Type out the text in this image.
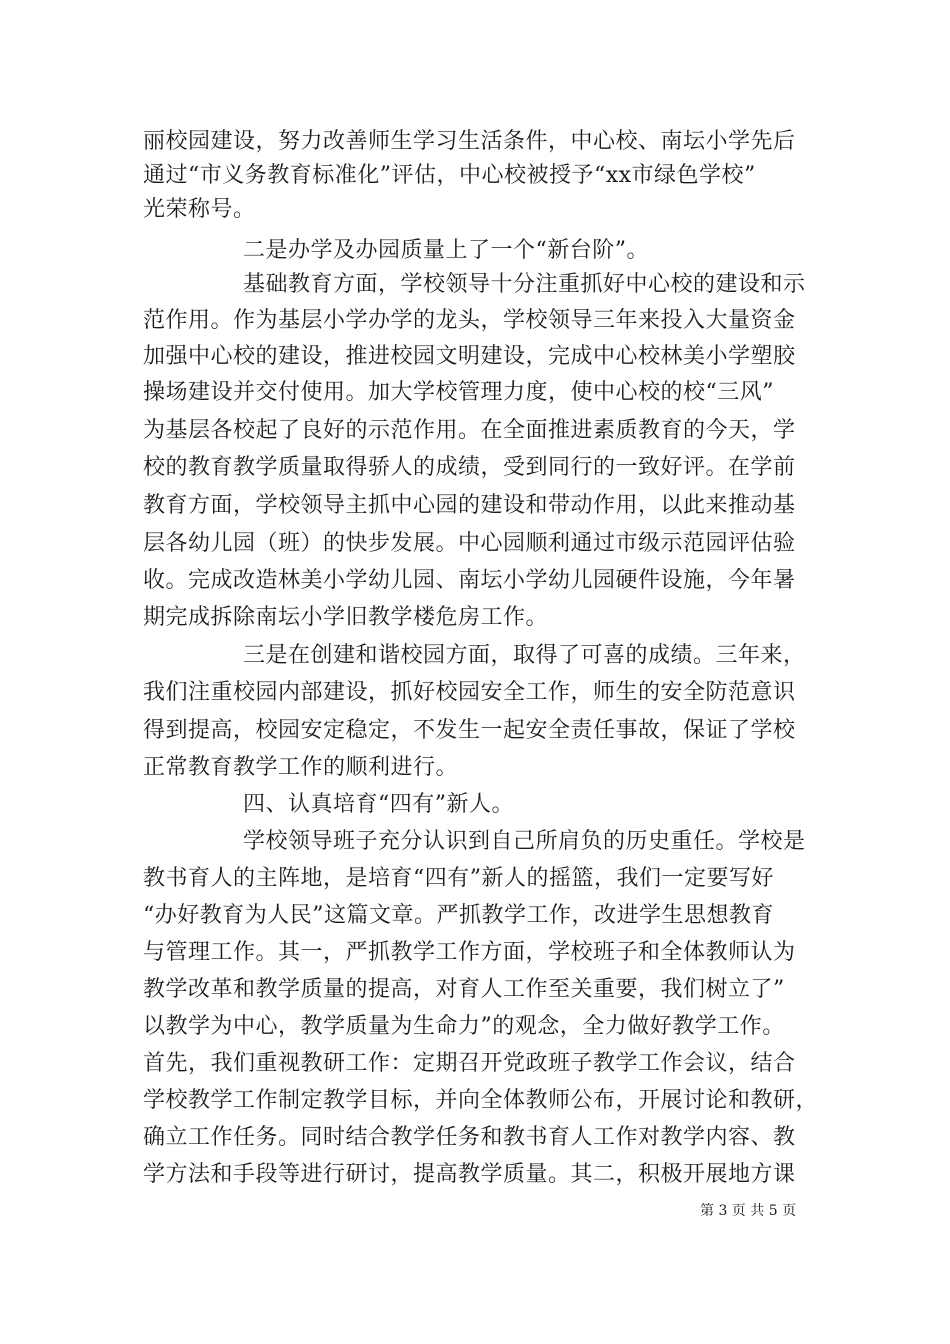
丽校园建设，努力改善师生学习生活条件，中心校、南坛小学先后
通过“市义务教育标准化”评估，中心校被授予“xx市绿色学校”
光荣称号。
二是办学及办园质量上了一个“新台阶”。
基础教育方面，学校领导十分注重抓好中心校的建设和示
范作用。作为基层小学办学的龙头，学校领导三年来投入大量资金
加强中心校的建设，推进校园文明建设，完成中心校林美小学塑胶
操场建设并交付使用。加大学校管理力度，使中心校的校“三风”
为基层各校起了良好的示范作用。在全面推进素质教育的今天，学
校的教育教学质量取得骄人的成绩，受到同行的一致好评。在学前
教育方面，学校领导主抓中心园的建设和带动作用，以此来推动基
层各幼儿园（班）的快步发展。中心园顺利通过市级示范园评估验
收。完成改造林美小学幼儿园、南坛小学幼儿园硬件设施，今年暑
期完成拆除南坛小学旧教学楼危房工作。
三是在创建和谐校园方面，取得了可喜的成绩。三年来，
我们注重校园内部建设，抓好校园安全工作，师生的安全防范意识
得到提高，校园安定稳定，不发生一起安全责任事故，保证了学校
正常教育教学工作的顺利进行。
四、认真培育“四有”新人。
学校领导班子充分认识到自己所肩负的历史重任。学校是
教书育人的主阵地，是培育“四有”新人的摇篮，我们一定要写好
“办好教育为人民”这篇文章。严抓教学工作，改进学生思想教育
与管理工作。其一，严抓教学工作方面，学校班子和全体教师认为
教学改革和教学质量的提高，对育人工作至关重要，我们树立了”
以教学为中心，教学质量为生命力”的观念，全力做好教学工作。
首先，我们重视教研工作：定期召开党政班子教学工作会议，结合
学校教学工作制定教学目标，并向全体教师公布，开展讨论和教研，
确立工作任务。同时结合教学任务和教书育人工作对教学内容、教
学方法和手段等进行研讨，提高教学质量。其二，积极开展地方课
第 3 页 共 5 页
